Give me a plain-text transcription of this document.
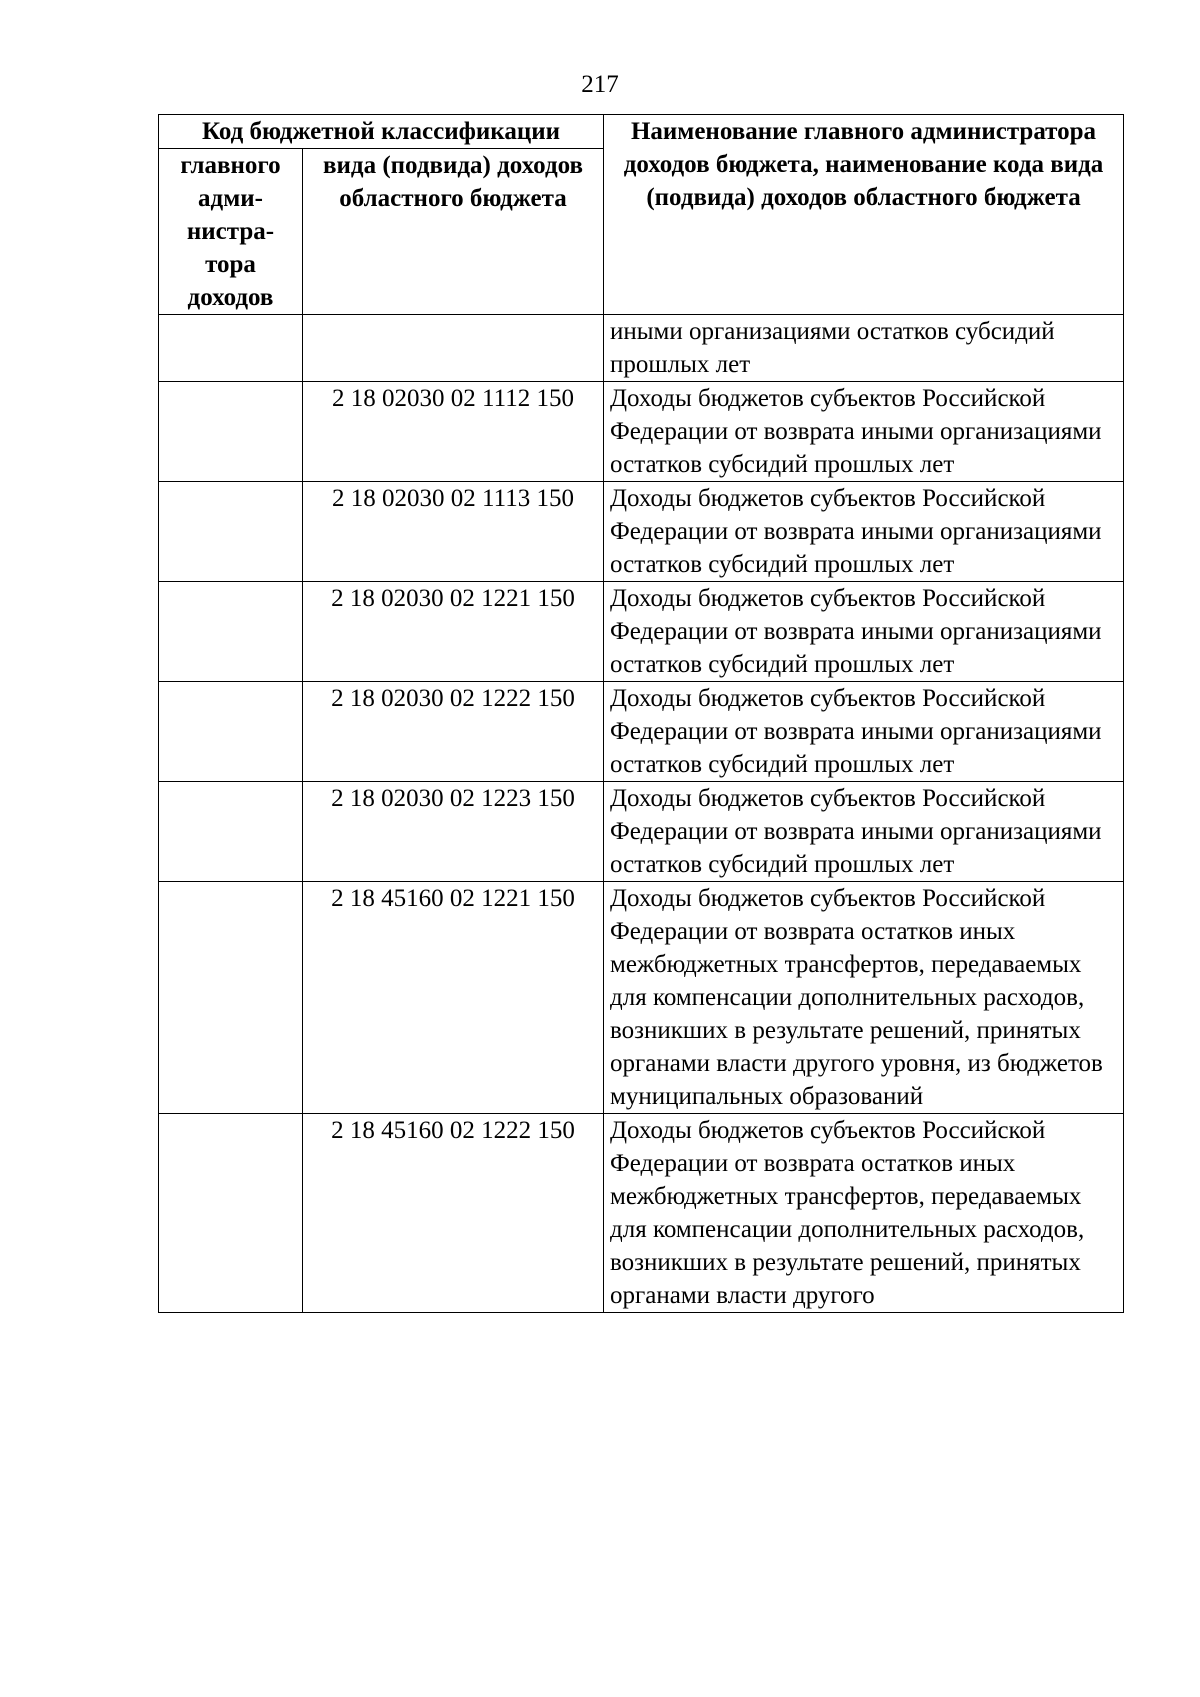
217
Код бюджетной классификации		Наименование главного администратора доходов бюджета, наименование кода вида (подвида) доходов областного бюджета
главного адми-нистра-тора доходов	вида (подвида) доходов областного бюджета	
		иными организациями остатков субсидий прошлых лет
	2 18 02030 02 1112 150	Доходы бюджетов субъектов Российской Федерации от возврата иными организациями остатков субсидий прошлых лет
	2 18 02030 02 1113 150	Доходы бюджетов субъектов Российской Федерации от возврата иными организациями остатков субсидий прошлых лет
	2 18 02030 02 1221 150	Доходы бюджетов субъектов Российской Федерации от возврата иными организациями остатков субсидий прошлых лет
	2 18 02030 02 1222 150	Доходы бюджетов субъектов Российской Федерации от возврата иными организациями остатков субсидий прошлых лет
	2 18 02030 02 1223 150	Доходы бюджетов субъектов Российской Федерации от возврата иными организациями остатков субсидий прошлых лет
	2 18 45160 02 1221 150	Доходы бюджетов субъектов Российской Федерации от возврата остатков иных межбюджетных трансфертов, передаваемых для компенсации дополнительных расходов, возникших в результате решений, принятых органами власти другого уровня, из бюджетов муниципальных образований
	2 18 45160 02 1222 150	Доходы бюджетов субъектов Российской Федерации от возврата остатков иных межбюджетных трансфертов, передаваемых для компенсации дополнительных расходов, возникших в результате решений, принятых органами власти другого
